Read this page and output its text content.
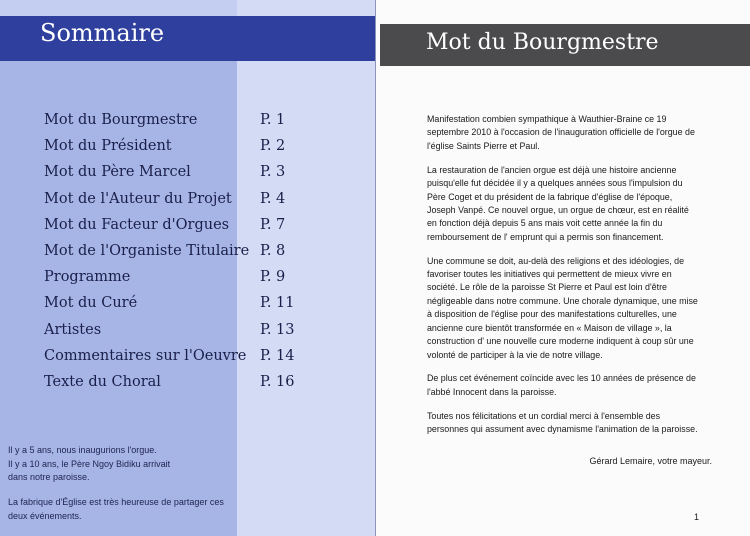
Sommaire
Mot du Bourgmestre	P. 1
Mot du Président	P. 2
Mot du Père Marcel	P. 3
Mot de l'Auteur du Projet P. 4
Mot du Facteur d'Orgues P. 7
Mot de l'Organiste Titulaire P. 8
Programme	P. 9
Mot du Curé	P. 11
Artistes	P. 13
Commentaires sur l'Oeuvre P. 14
Texte du Choral	P. 16
Il y a 5 ans, nous inaugurions l'orgue.
Il y a 10 ans, le Père Ngoy Bidiku arrivait
dans notre paroisse.
La fabrique d'Église est très heureuse de partager ces
deux événements.
Mot du Bourgmestre

Manifestation combien sympathique à Wauthier-Braine ce 19
septembre 2010 à l'occasion de l'inauguration officielle de l'orgue de
l'église Saints Pierre et Paul.

La restauration de l'ancien orgue est déjà une histoire ancienne
puisqu'elle fut décidée il y a quelques années sous l'impulsion du
Père Coget et du président de la fabrique d'église de l'époque,
Joseph Vanpé. Ce nouvel orgue, un orgue de chœur, est en réalité
en fonction déjà depuis 5 ans mais voit cette année la fin du
remboursement de l' emprunt qui a permis son financement.

Une commune se doit, au-delà des religions et des idéologies, de
favoriser toutes les initiatives qui permettent de mieux vivre en
société. Le rôle de la paroisse St Pierre et Paul est loin d'être
négligeable dans notre commune. Une chorale dynamique, une mise
à disposition de l'église pour des manifestations culturelles, une
ancienne cure bientôt transformée en « Maison de village », la
construction d' une nouvelle cure moderne indiquent à coup sûr une
volonté de participer à la vie de notre village.

De plus cet événement coïncide avec les 10 années de présence de
l'abbé Innocent dans la paroisse.

Toutes nos félicitations et un cordial merci à l'ensemble des
personnes qui assument avec dynamisme l'animation de la paroisse.

Gérard Lemaire, votre mayeur.
1
